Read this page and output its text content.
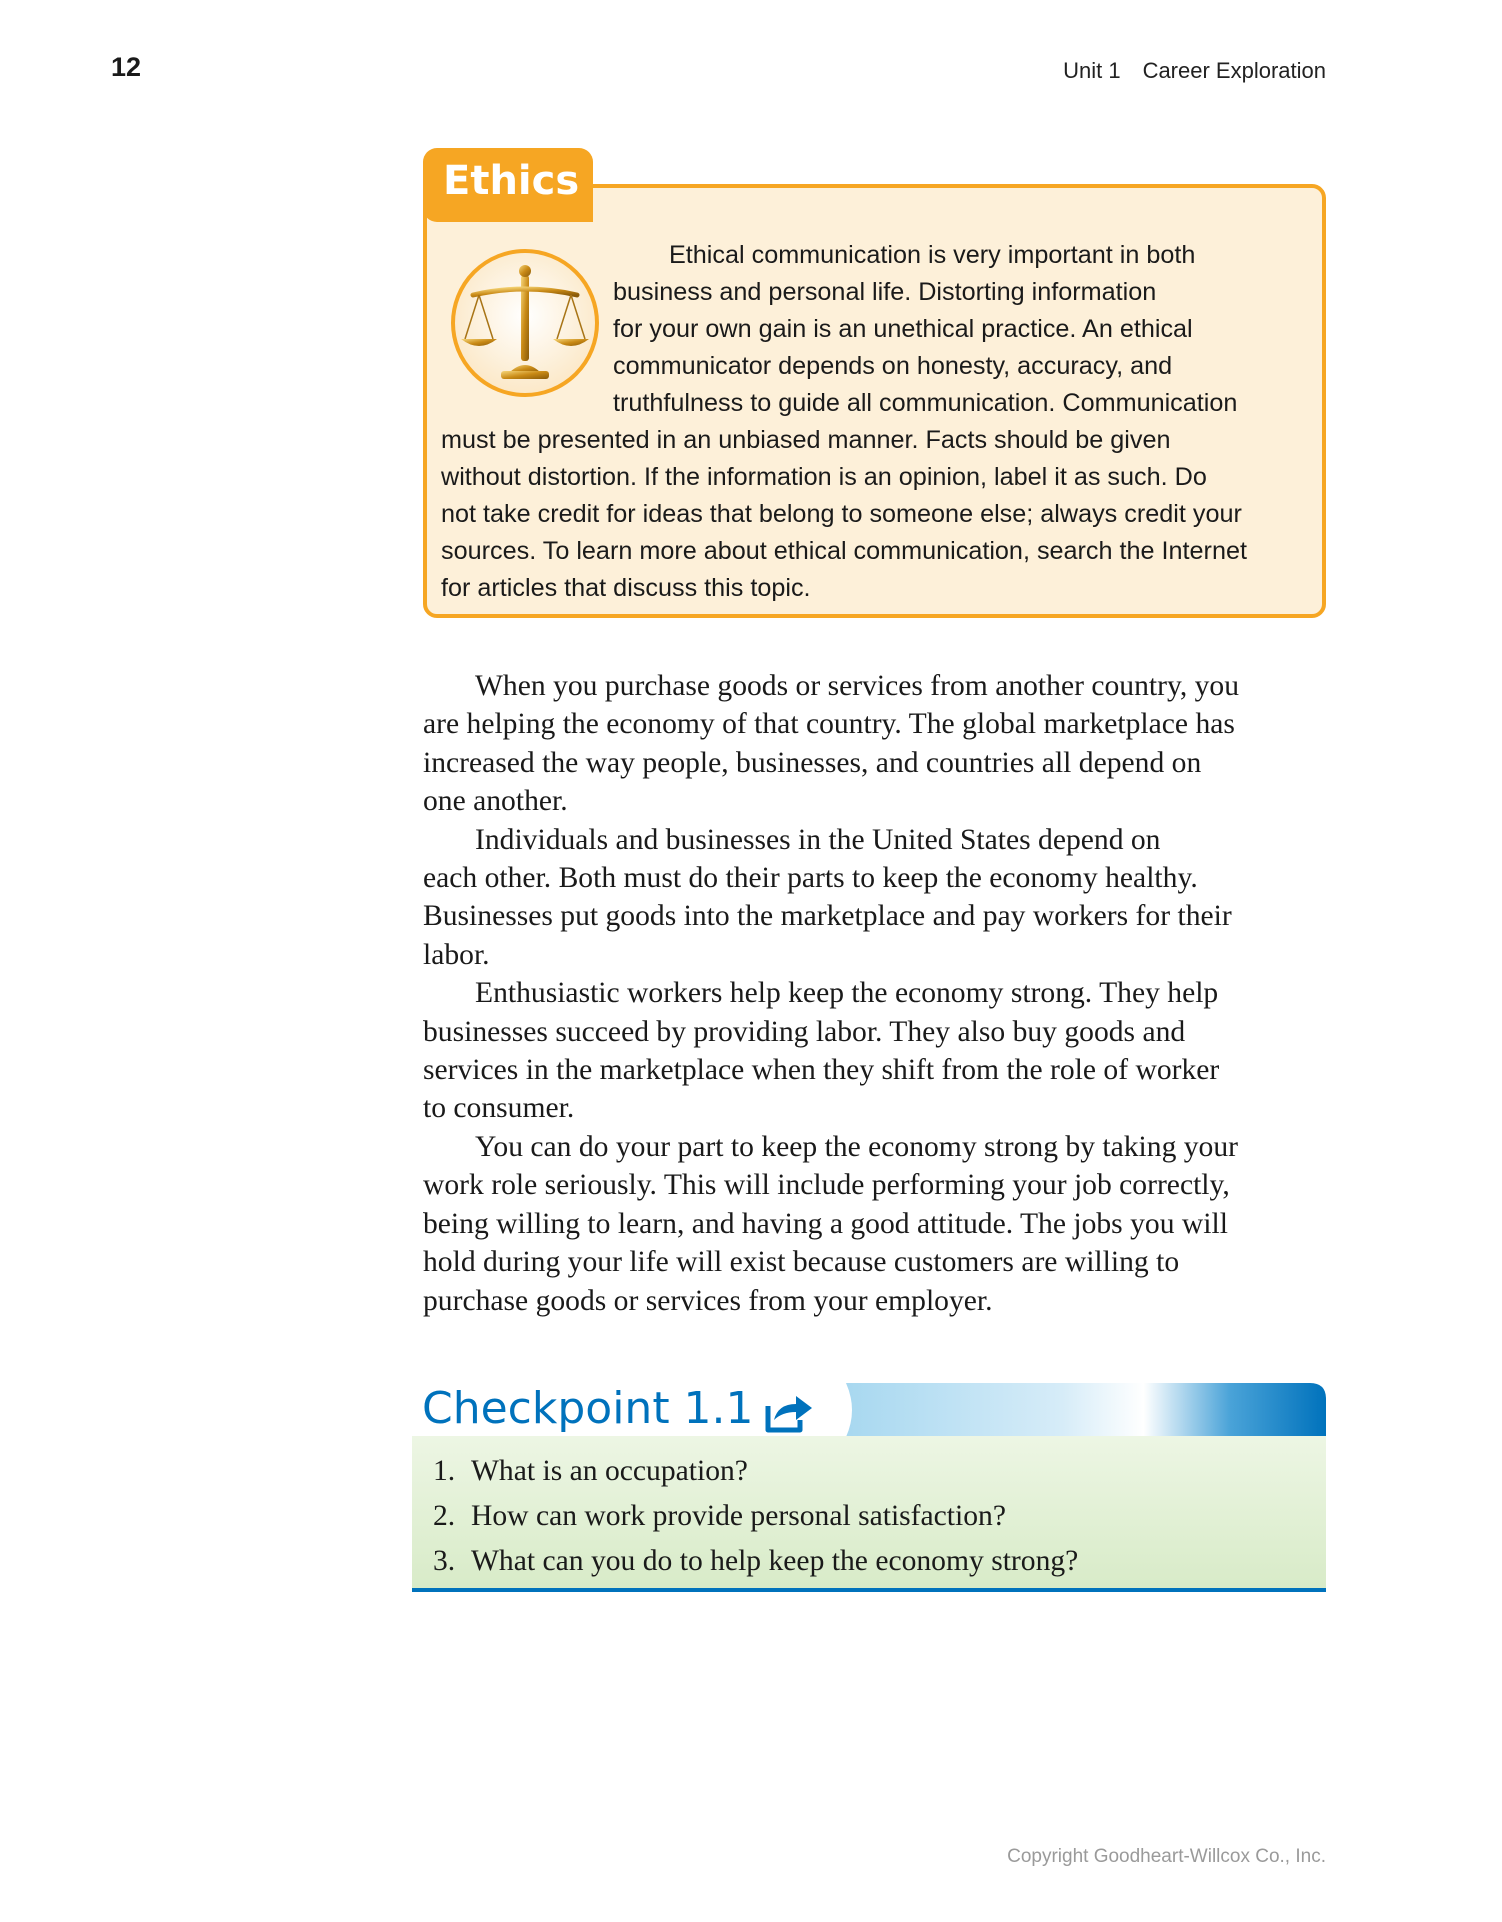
12	Unit 1 Career Exploration
Ethics
Ethical communication is very important in both
business and personal life. Distorting information
for your own gain is an unethical practice. An ethical
communicator depends on honesty, accuracy, and
truthfulness to guide all communication. Communication
must be presented in an unbiased manner. Facts should be given
without distortion. If the information is an opinion, label it as such. Do
not take credit for ideas that belong to someone else; always credit your
sources. To learn more about ethical communication, search the Internet
for articles that discuss this topic.
When you purchase goods or services from another country, you
are helping the economy of that country. The global marketplace has
increased the way people, businesses, and countries all depend on
one another.
Individuals and businesses in the United States depend on
each other. Both must do their parts to keep the economy healthy.
Businesses put goods into the marketplace and pay workers for their
labor.
Enthusiastic workers help keep the economy strong. They help
businesses succeed by providing labor. They also buy goods and
services in the marketplace when they shift from the role of worker
to consumer.
You can do your part to keep the economy strong by taking your
work role seriously. This will include performing your job correctly,
being willing to learn, and having a good attitude. The jobs you will
hold during your life will exist because customers are willing to
purchase goods or services from your employer.
Checkpoint 1.1
1. What is an occupation?
2. How can work provide personal satisfaction?
3. What can you do to help keep the economy strong?
Copyright Goodheart-Willcox Co., Inc.
